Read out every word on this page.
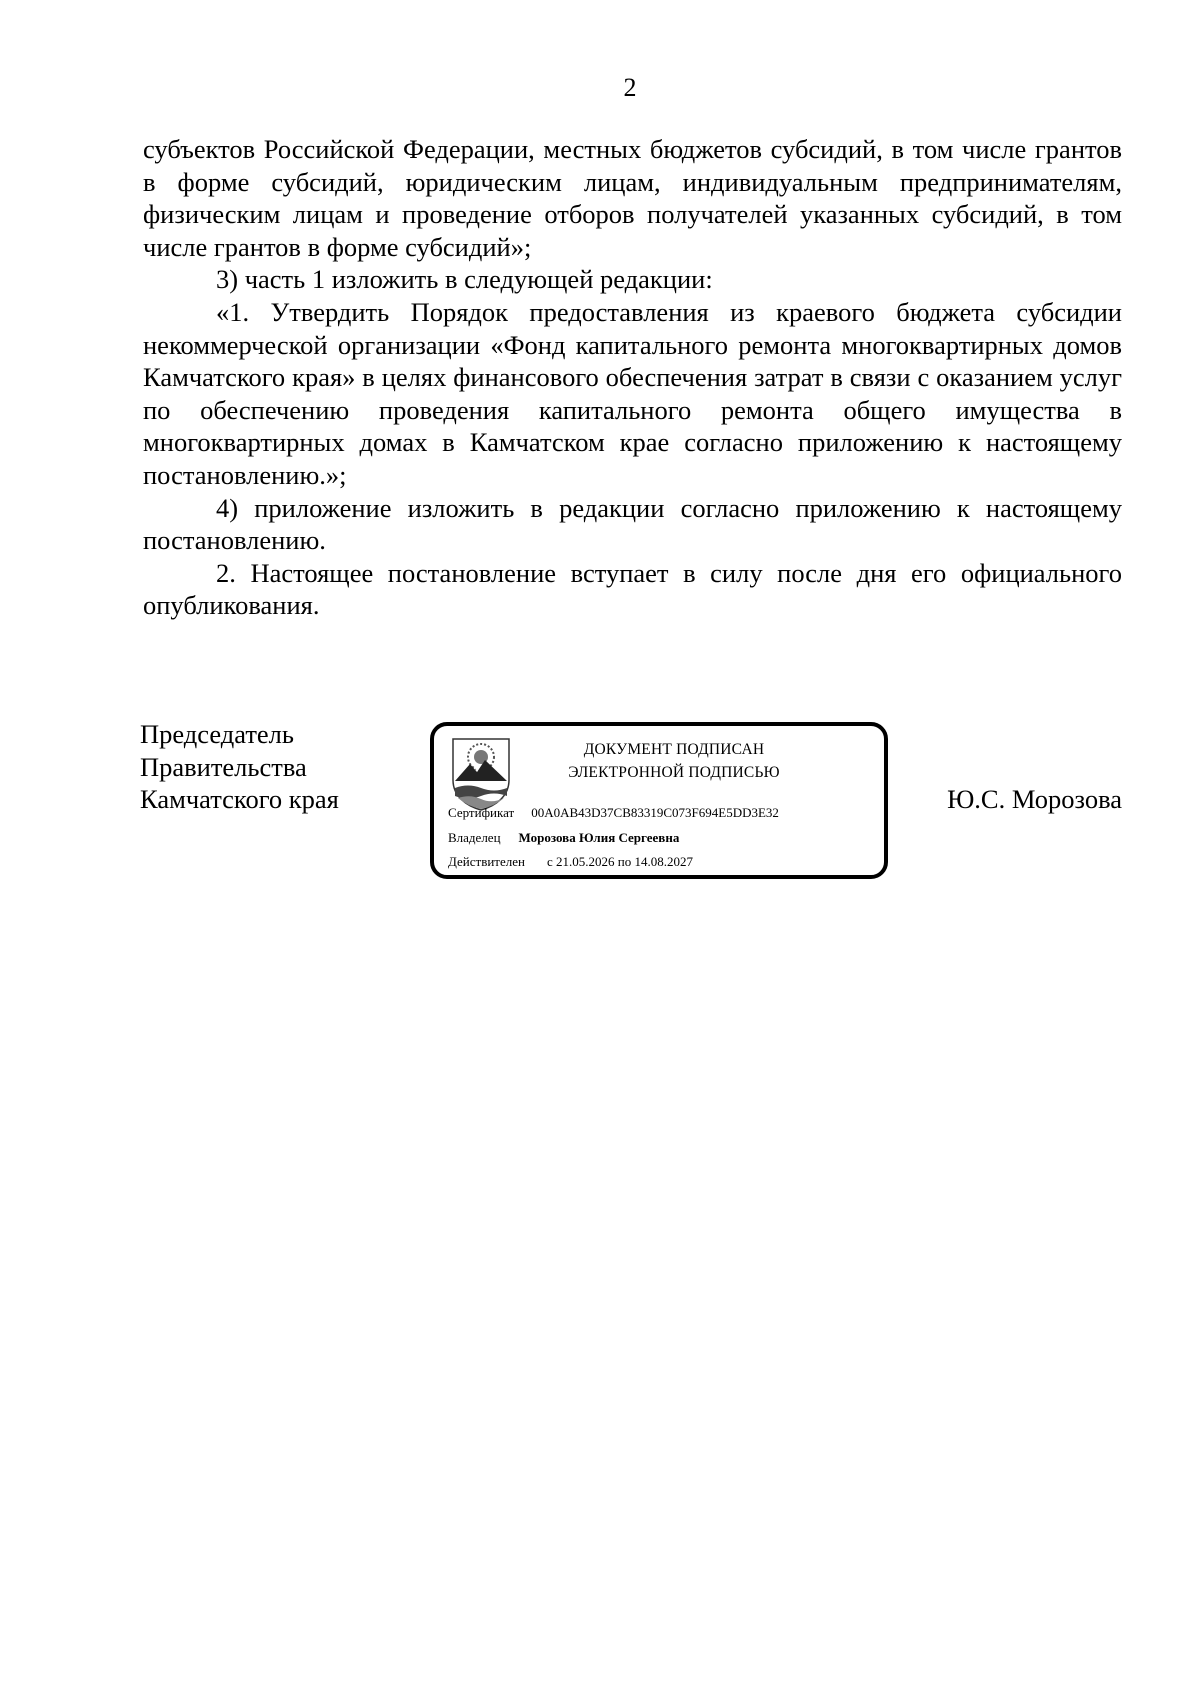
2

субъектов Российской Федерации, местных бюджетов субсидий, в том числе грантов в форме субсидий, юридическим лицам, индивидуальным предпринимателям, физическим лицам и проведение отборов получателей указанных субсидий, в том числе грантов в форме субсидий»;

3) часть 1 изложить в следующей редакции:

«1. Утвердить Порядок предоставления из краевого бюджета субсидии некоммерческой организации «Фонд капитального ремонта многоквартирных домов Камчатского края» в целях финансового обеспечения затрат в связи с оказанием услуг по обеспечению проведения капитального ремонта общего имущества в многоквартирных домах в Камчатском крае согласно приложению к настоящему постановлению.»;

4) приложение изложить в редакции согласно приложению к настоящему постановлению.

2. Настоящее постановление вступает в силу после дня его официального опубликования.

Председатель
Правительства
Камчатского края
ДОКУМЕНТ ПОДПИСАН
ЭЛЕКТРОННОЙ ПОДПИСЬЮ
Сертификат 00A0AB43D37CB83319C073F694E5DD3E32
Владелец Морозова Юлия Сергеевна
Действителен с 21.05.2026 по 14.08.2027
Ю.С. Морозова
